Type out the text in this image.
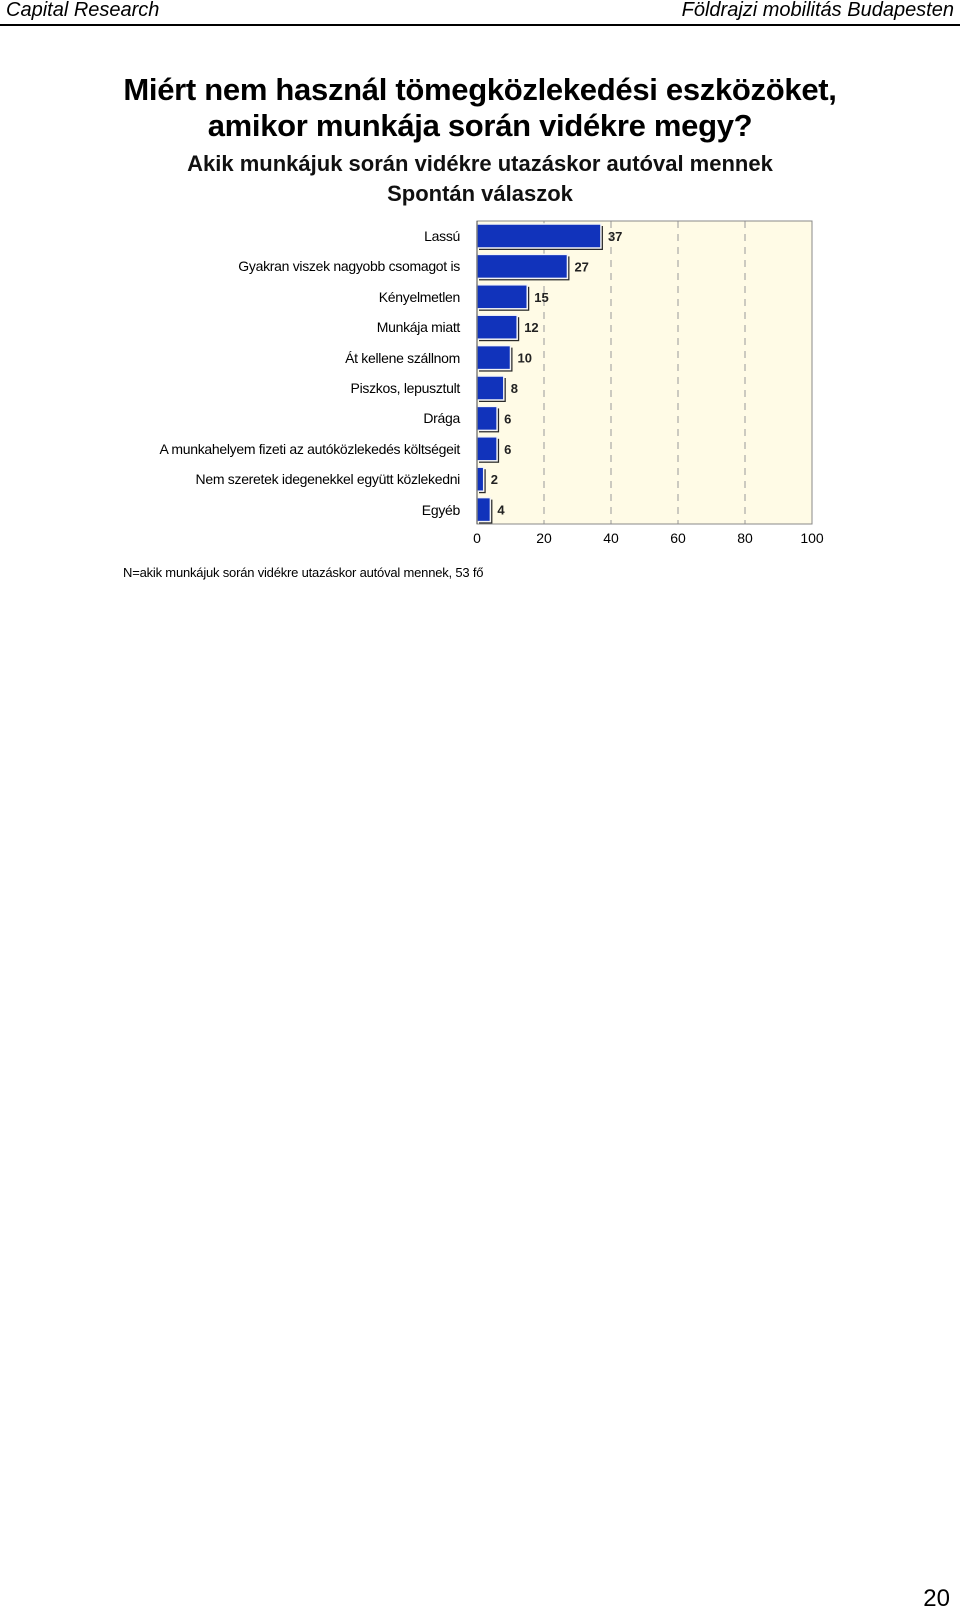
Capital Research	Földrajzi mobilitás Budapesten
Miért nem használ tömegközlekedési eszközöket,
amikor munkája során vidékre megy?
Akik munkájuk során vidékre utazáskor autóval mennek
Spontán válaszok
Lassú
Gyakran viszek nagyobb csomagot is
Kényelmetlen
Munkája miatt
Át kellene szállnom
Piszkos, lepusztult
Drága
A munkahelyem fizeti az autóközlekedés költségeit
Nem szeretek idegenekkel együtt közlekedni
Egyéb
37
27
15
12
10
8
6
6
2
4
0	20	40	60	80	100
N=akik munkájuk során vidékre utazáskor autóval mennek, 53 fő
20
